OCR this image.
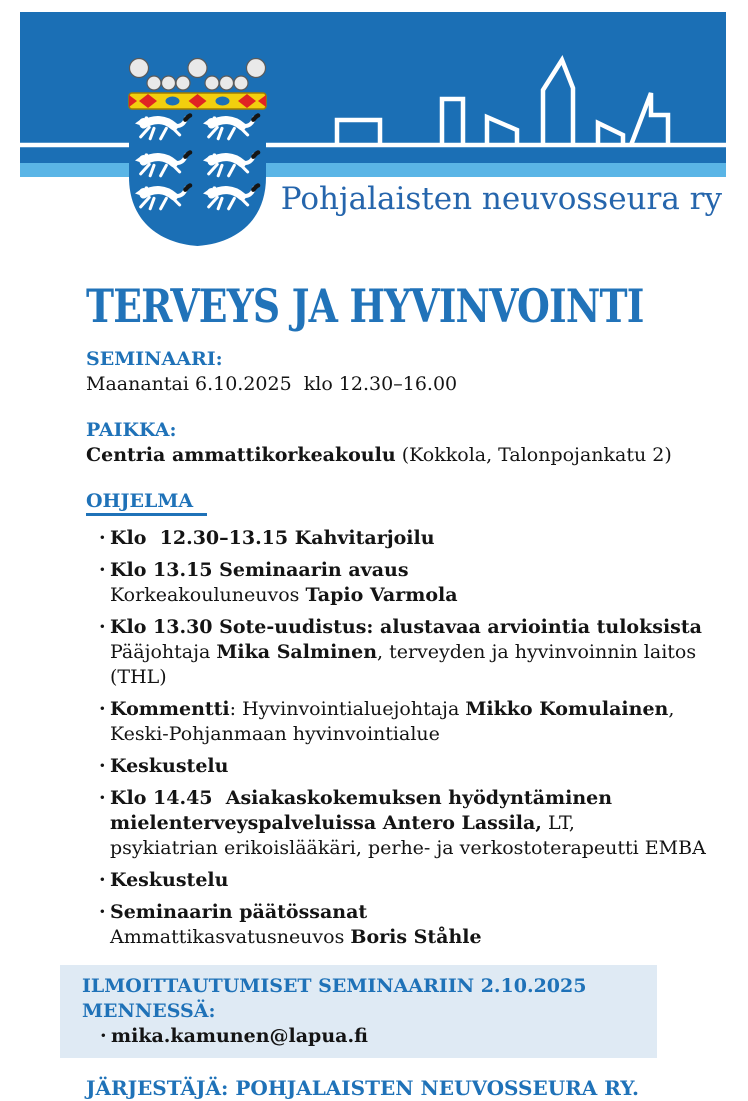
Pohjalaisten neuvosseura ry
TERVEYS JA HYVINVOINTI
SEMINAARI:
Maanantai 6.10.2025  klo 12.30–16.00
PAIKKA:
Centria ammattikorkeakoulu (Kokkola, Talonpojankatu 2)
OHJELMA
· Klo  12.30–13.15 Kahvitarjoilu
· Klo 13.15 Seminaarin avaus
Korkeakouluneuvos Tapio Varmola
· Klo 13.30 Sote-uudistus: alustavaa arviointia tuloksista
Pääjohtaja Mika Salminen, terveyden ja hyvinvoinnin laitos (THL)
· Kommentti: Hyvinvointialuejohtaja Mikko Komulainen,
Keski-Pohjanmaan hyvinvointialue
· Keskustelu
· Klo 14.45  Asiakaskokemuksen hyödyntäminen
mielenterveyspalveluissa Antero Lassila, LT,
psykiatrian erikoislääkäri, perhe- ja verkostoterapeutti EMBA
· Keskustelu
· Seminaarin päätössanat
Ammattikasvatusneuvos Boris Ståhle
ILMOITTAUTUMISET SEMINAARIIN 2.10.2025 MENNESSÄ:
· mika.kamunen@lapua.fi
JÄRJESTÄJÄ: POHJALAISTEN NEUVOSSEURA RY.
